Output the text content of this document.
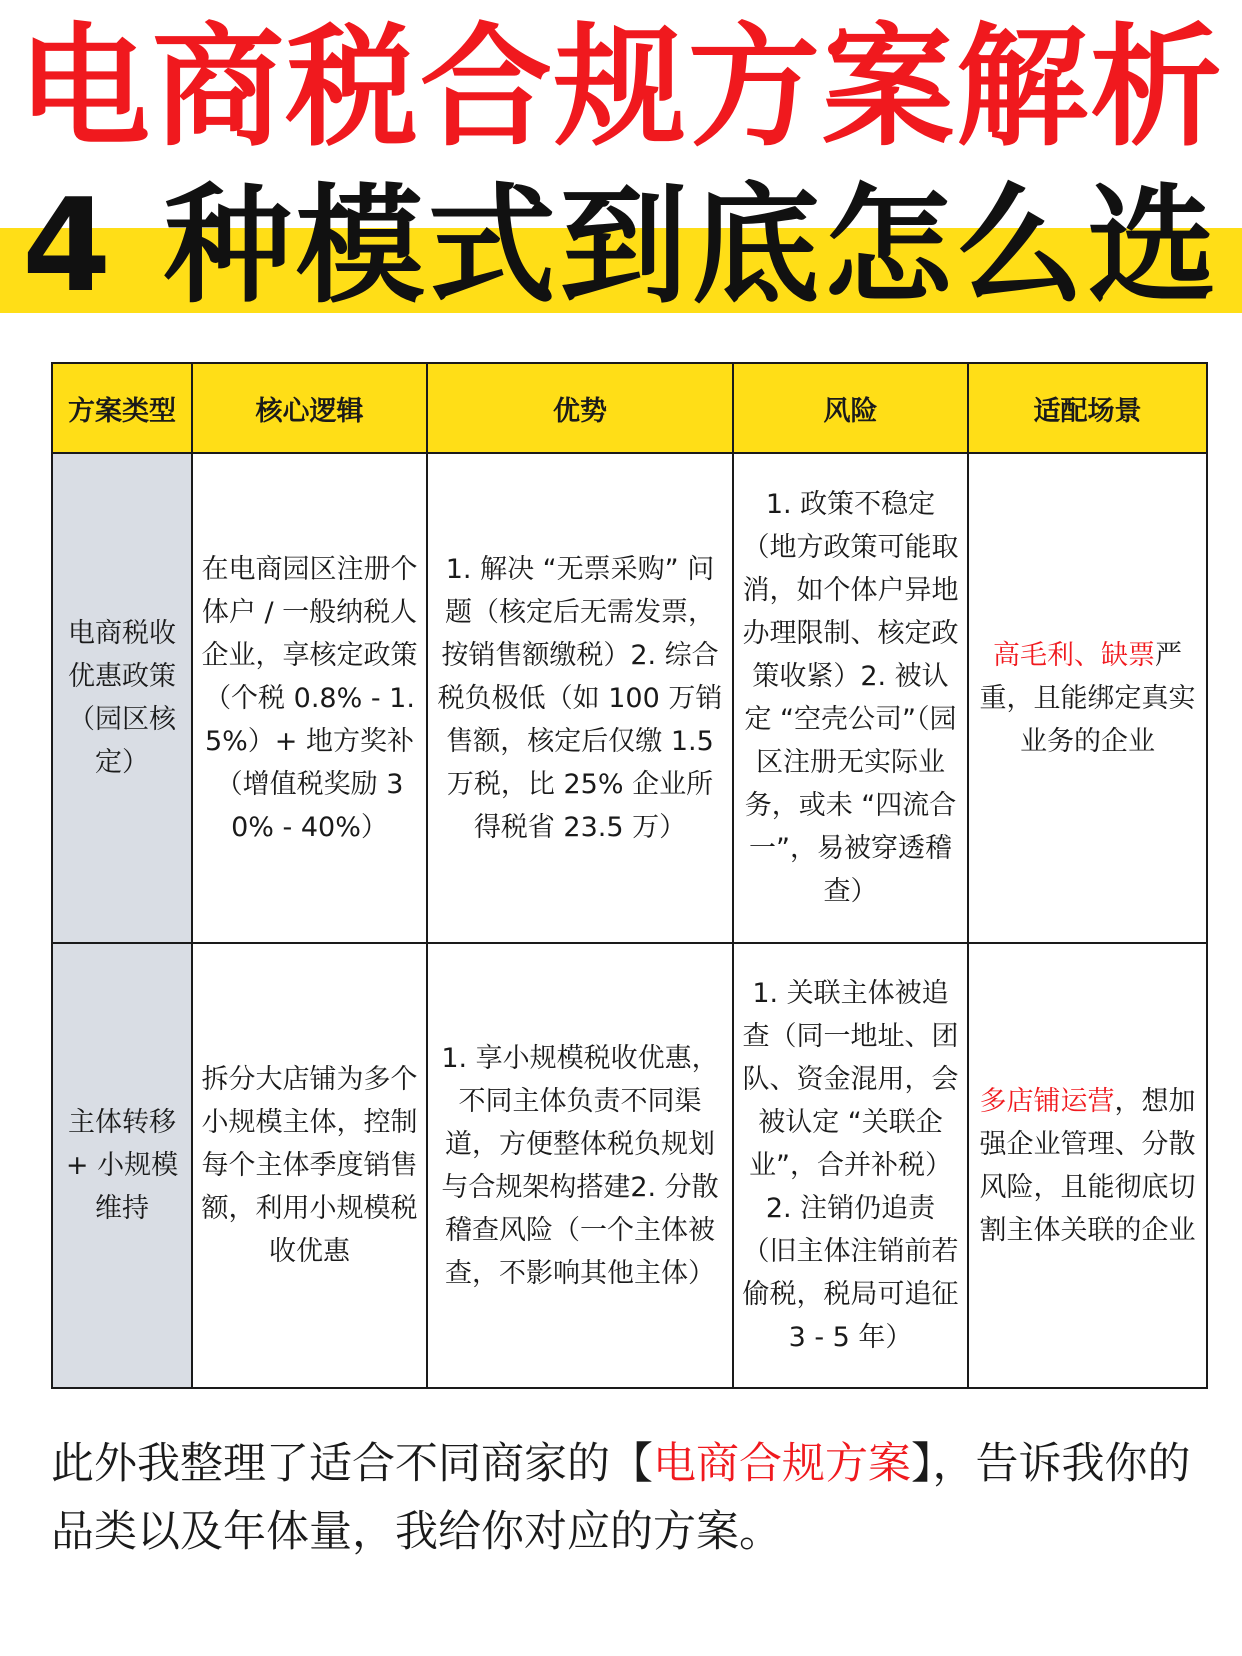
电商税合规方案解析
4 种模式到底怎么选
方案类型	核心逻辑	优势	风险	适配场景
电商税收优惠政策（园区核定）	在电商园区注册个体户 / 一般纳税人企业，享核定政策（个税 0.8% - 1.5%）+ 地方奖补（增值税奖励 30% - 40%）	1. 解决 “无票采购” 问题（核定后无需发票，按销售额缴税）2. 综合税负极低（如 100 万销售额，核定后仅缴 1.5 万税，比 25% 企业所得税省 23.5 万）	1. 政策不稳定（地方政策可能取消，如个体户异地办理限制、核定政策收紧）2. 被认定 “空壳公司”（园区注册无实际业务，或未 “四流合一”，易被穿透稽查）	高毛利、缺票严重，且能绑定真实业务的企业
主体转移 + 小规模维持	拆分大店铺为多个小规模主体，控制每个主体季度销售额，利用小规模税收优惠	1. 享小规模税收优惠，不同主体负责不同渠道，方便整体税负规划与合规架构搭建2. 分散稽查风险（一个主体被查，不影响其他主体）	1. 关联主体被追查（同一地址、团队、资金混用，会被认定 “关联企业”，合并补税）2. 注销仍追责（旧主体注销前若偷税，税局可追征 3 - 5 年）	多店铺运营，想加强企业管理、分散风险，且能彻底切割主体关联的企业
此外我整理了适合不同商家的【电商合规方案】，告诉我你的品类以及年体量，我给你对应的方案。
